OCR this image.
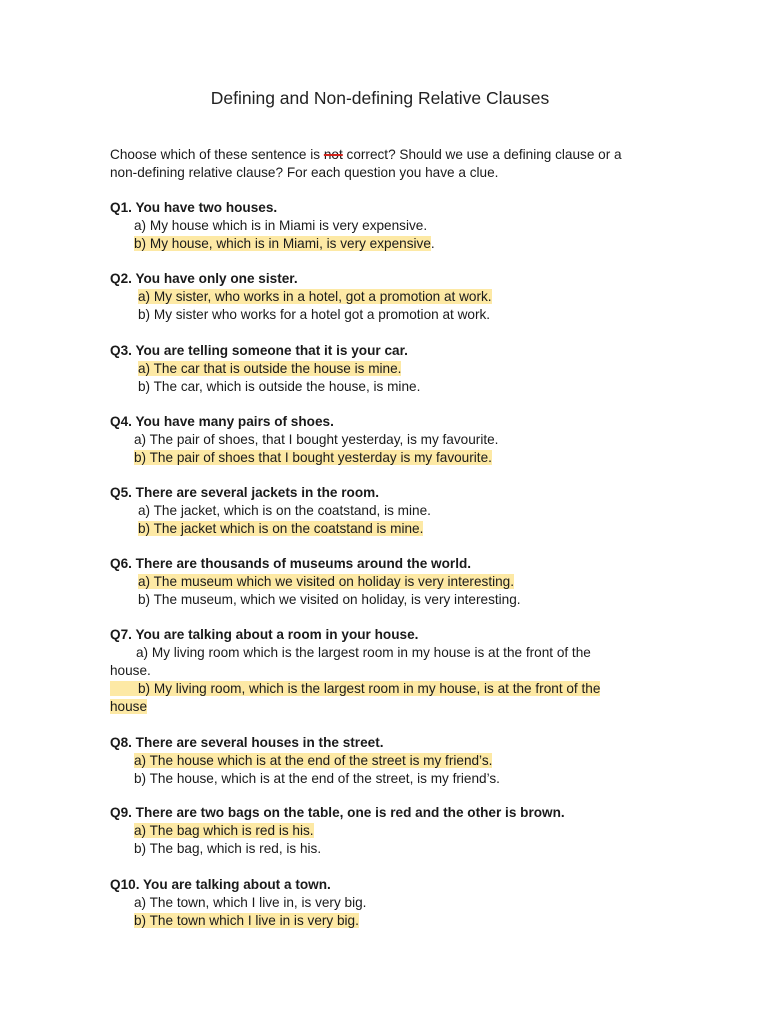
Defining and Non-defining Relative Clauses
Choose which of these sentence is not correct? Should we use a defining clause or a
non-defining relative clause? For each question you have a clue.
Q1. You have two houses.
a) My house which is in Miami is very expensive.
b) My house, which is in Miami, is very expensive.
Q2. You have only one sister.
a) My sister, who works in a hotel, got a promotion at work.
b) My sister who works for a hotel got a promotion at work.
Q3. You are telling someone that it is your car.
a) The car that is outside the house is mine.
b) The car, which is outside the house, is mine.
Q4. You have many pairs of shoes.
a) The pair of shoes, that I bought yesterday, is my favourite.
b) The pair of shoes that I bought yesterday is my favourite.
Q5. There are several jackets in the room.
a) The jacket, which is on the coatstand, is mine.
b) The jacket which is on the coatstand is mine.
Q6. There are thousands of museums around the world.
a) The museum which we visited on holiday is very interesting.
b) The museum, which we visited on holiday, is very interesting.
Q7. You are talking about a room in your house.
a) My living room which is the largest room in my house is at the front of the
house.
b) My living room, which is the largest room in my house, is at the front of the
house
Q8. There are several houses in the street.
a) The house which is at the end of the street is my friend’s.
b) The house, which is at the end of the street, is my friend’s.
Q9. There are two bags on the table, one is red and the other is brown.
a) The bag which is red is his.
b) The bag, which is red, is his.
Q10. You are talking about a town.
a) The town, which I live in, is very big.
b) The town which I live in is very big.
